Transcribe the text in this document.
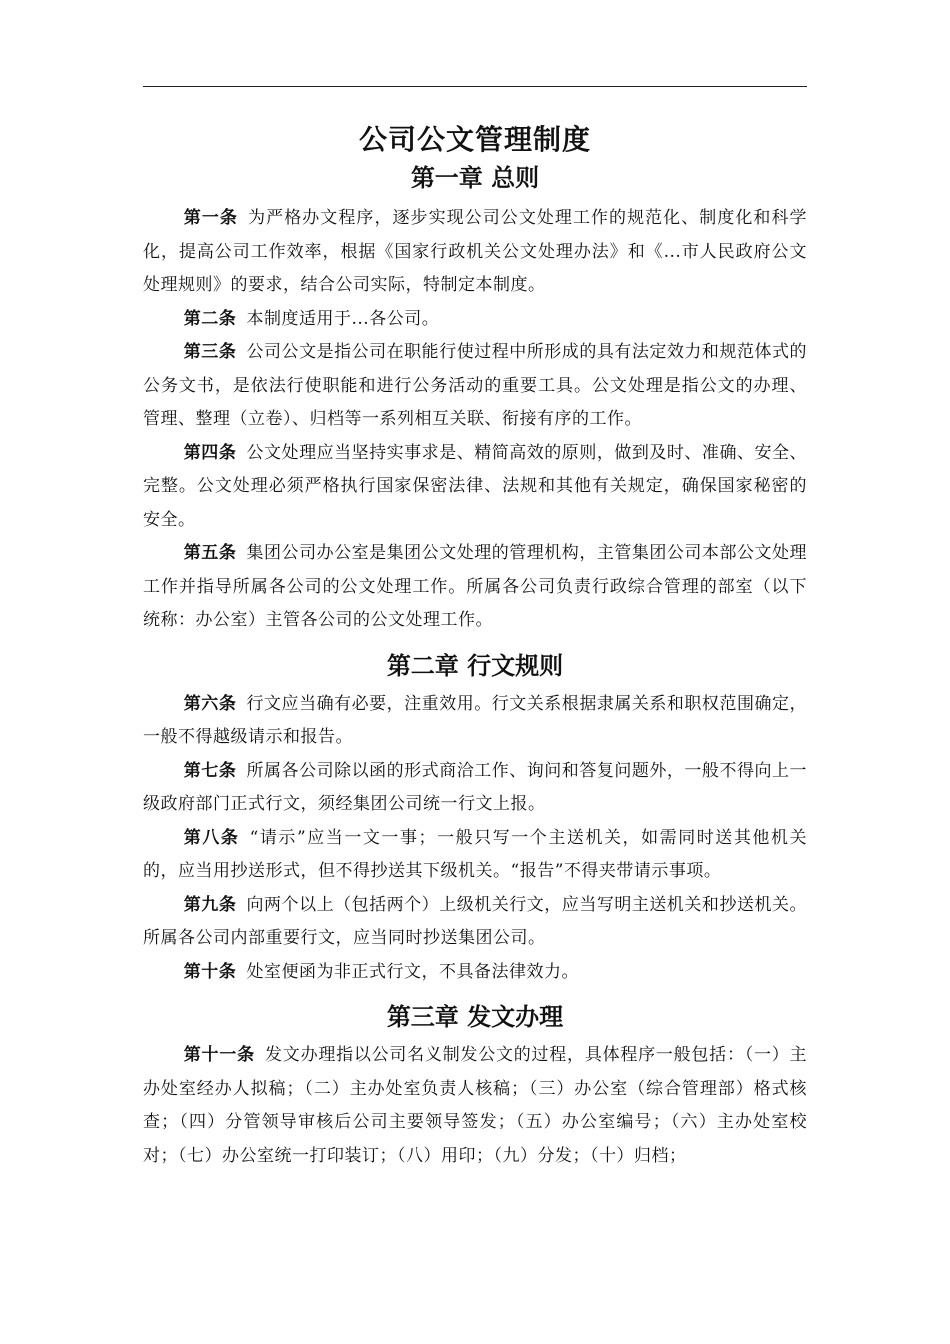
公司公文管理制度
第一章 总则

第一条 为严格办文程序，逐步实现公司公文处理工作的规范化、制度化和科学化，提高公司工作效率，根据《国家行政机关公文处理办法》和《...市人民政府公文处理规则》的要求，结合公司实际，特制定本制度。

第二条 本制度适用于...各公司。

第三条 公司公文是指公司在职能行使过程中所形成的具有法定效力和规范体式的公务文书，是依法行使职能和进行公务活动的重要工具。公文处理是指公文的办理、管理、整理（立卷）、归档等一系列相互关联、衔接有序的工作。

第四条 公文处理应当坚持实事求是、精简高效的原则，做到及时、准确、安全、完整。公文处理必须严格执行国家保密法律、法规和其他有关规定，确保国家秘密的安全。

第五条 集团公司办公室是集团公文处理的管理机构，主管集团公司本部公文处理工作并指导所属各公司的公文处理工作。所属各公司负责行政综合管理的部室（以下统称：办公室）主管各公司的公文处理工作。

第二章 行文规则

第六条 行文应当确有必要，注重效用。行文关系根据隶属关系和职权范围确定，一般不得越级请示和报告。

第七条 所属各公司除以函的形式商洽工作、询问和答复问题外，一般不得向上一级政府部门正式行文，须经集团公司统一行文上报。

第八条 “请示”应当一文一事；一般只写一个主送机关，如需同时送其他机关的，应当用抄送形式，但不得抄送其下级机关。“报告”不得夹带请示事项。

第九条 向两个以上（包括两个）上级机关行文，应当写明主送机关和抄送机关。所属各公司内部重要行文，应当同时抄送集团公司。

第十条 处室便函为非正式行文，不具备法律效力。

第三章 发文办理

第十一条 发文办理指以公司名义制发公文的过程，具体程序一般包括：（一）主办处室经办人拟稿；（二）主办处室负责人核稿；（三）办公室（综合管理部）格式核查；（四）分管领导审核后公司主要领导签发；（五）办公室编号；（六）主办处室校对；（七）办公室统一打印装订；（八）用印；（九）分发；（十）归档；
